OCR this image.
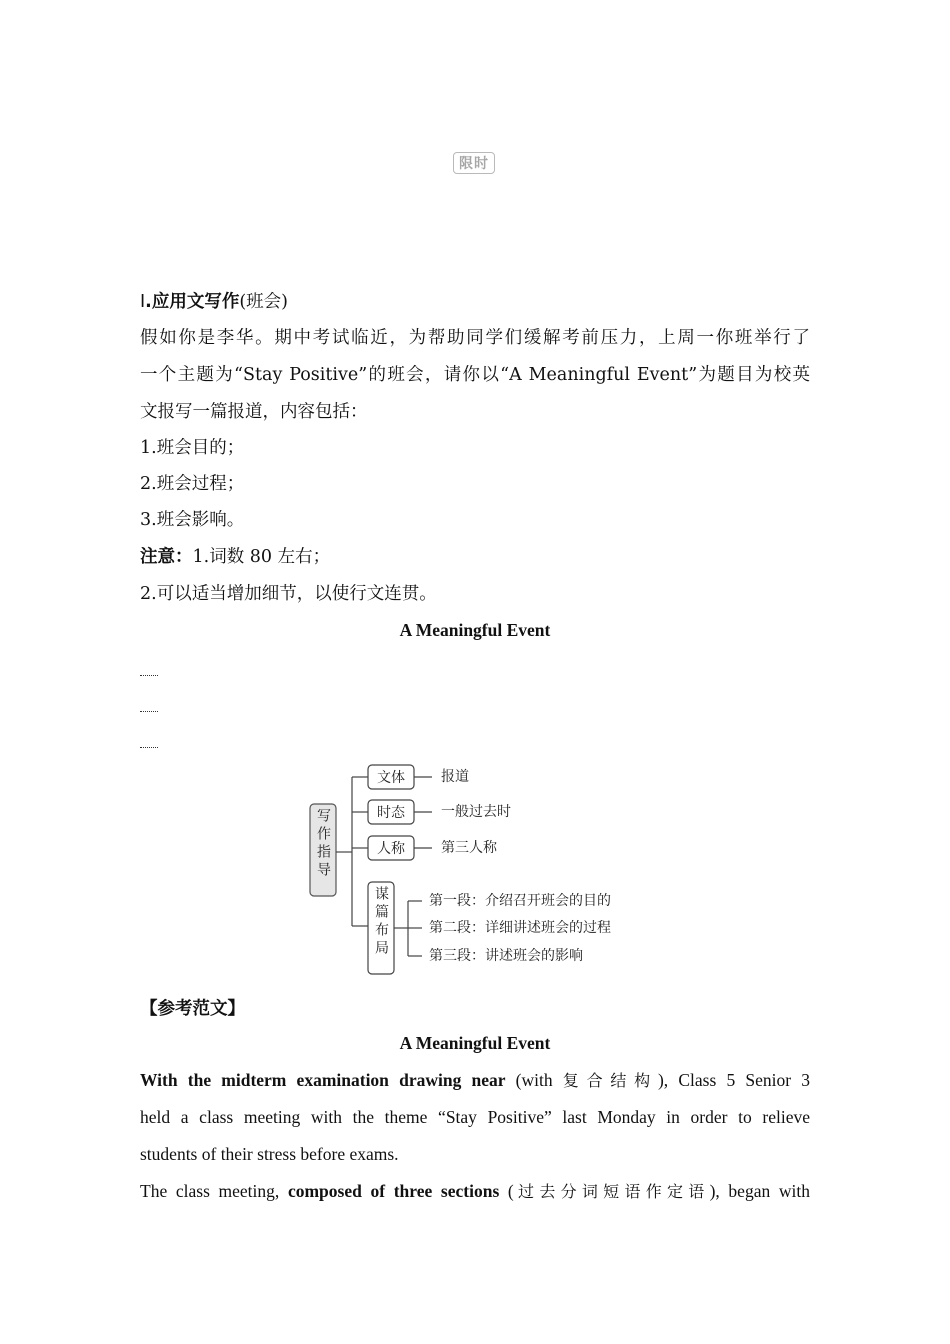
限时
Ⅰ.应用文写作(班会)
假如你是李华。期中考试临近，为帮助同学们缓解考前压力，上周一你班举行了
一个主题为“Stay Positive”的班会，请你以“A Meaningful Event”为题目为校英
文报写一篇报道，内容包括：
1.班会目的；
2.班会过程；
3.班会影响。
注意：1.词数 80 左右；
2.可以适当增加细节，以使行文连贯。
A Meaningful Event
写作指导
文体
时态
人称
报道
一般过去时
第三人称
谋篇布局	第一段：介绍召开班会的目的
第二段：详细讲述班会的过程
第三段：讲述班会的影响
【参考范文】
A Meaningful Event
With the midterm examination drawing near (with 复合结构), Class 5 Senior 3
held a class meeting with the theme “Stay Positive” last Monday in order to relieve
students of their stress before exams.
The class meeting, composed of three sections (过去分词短语作定语), began with
